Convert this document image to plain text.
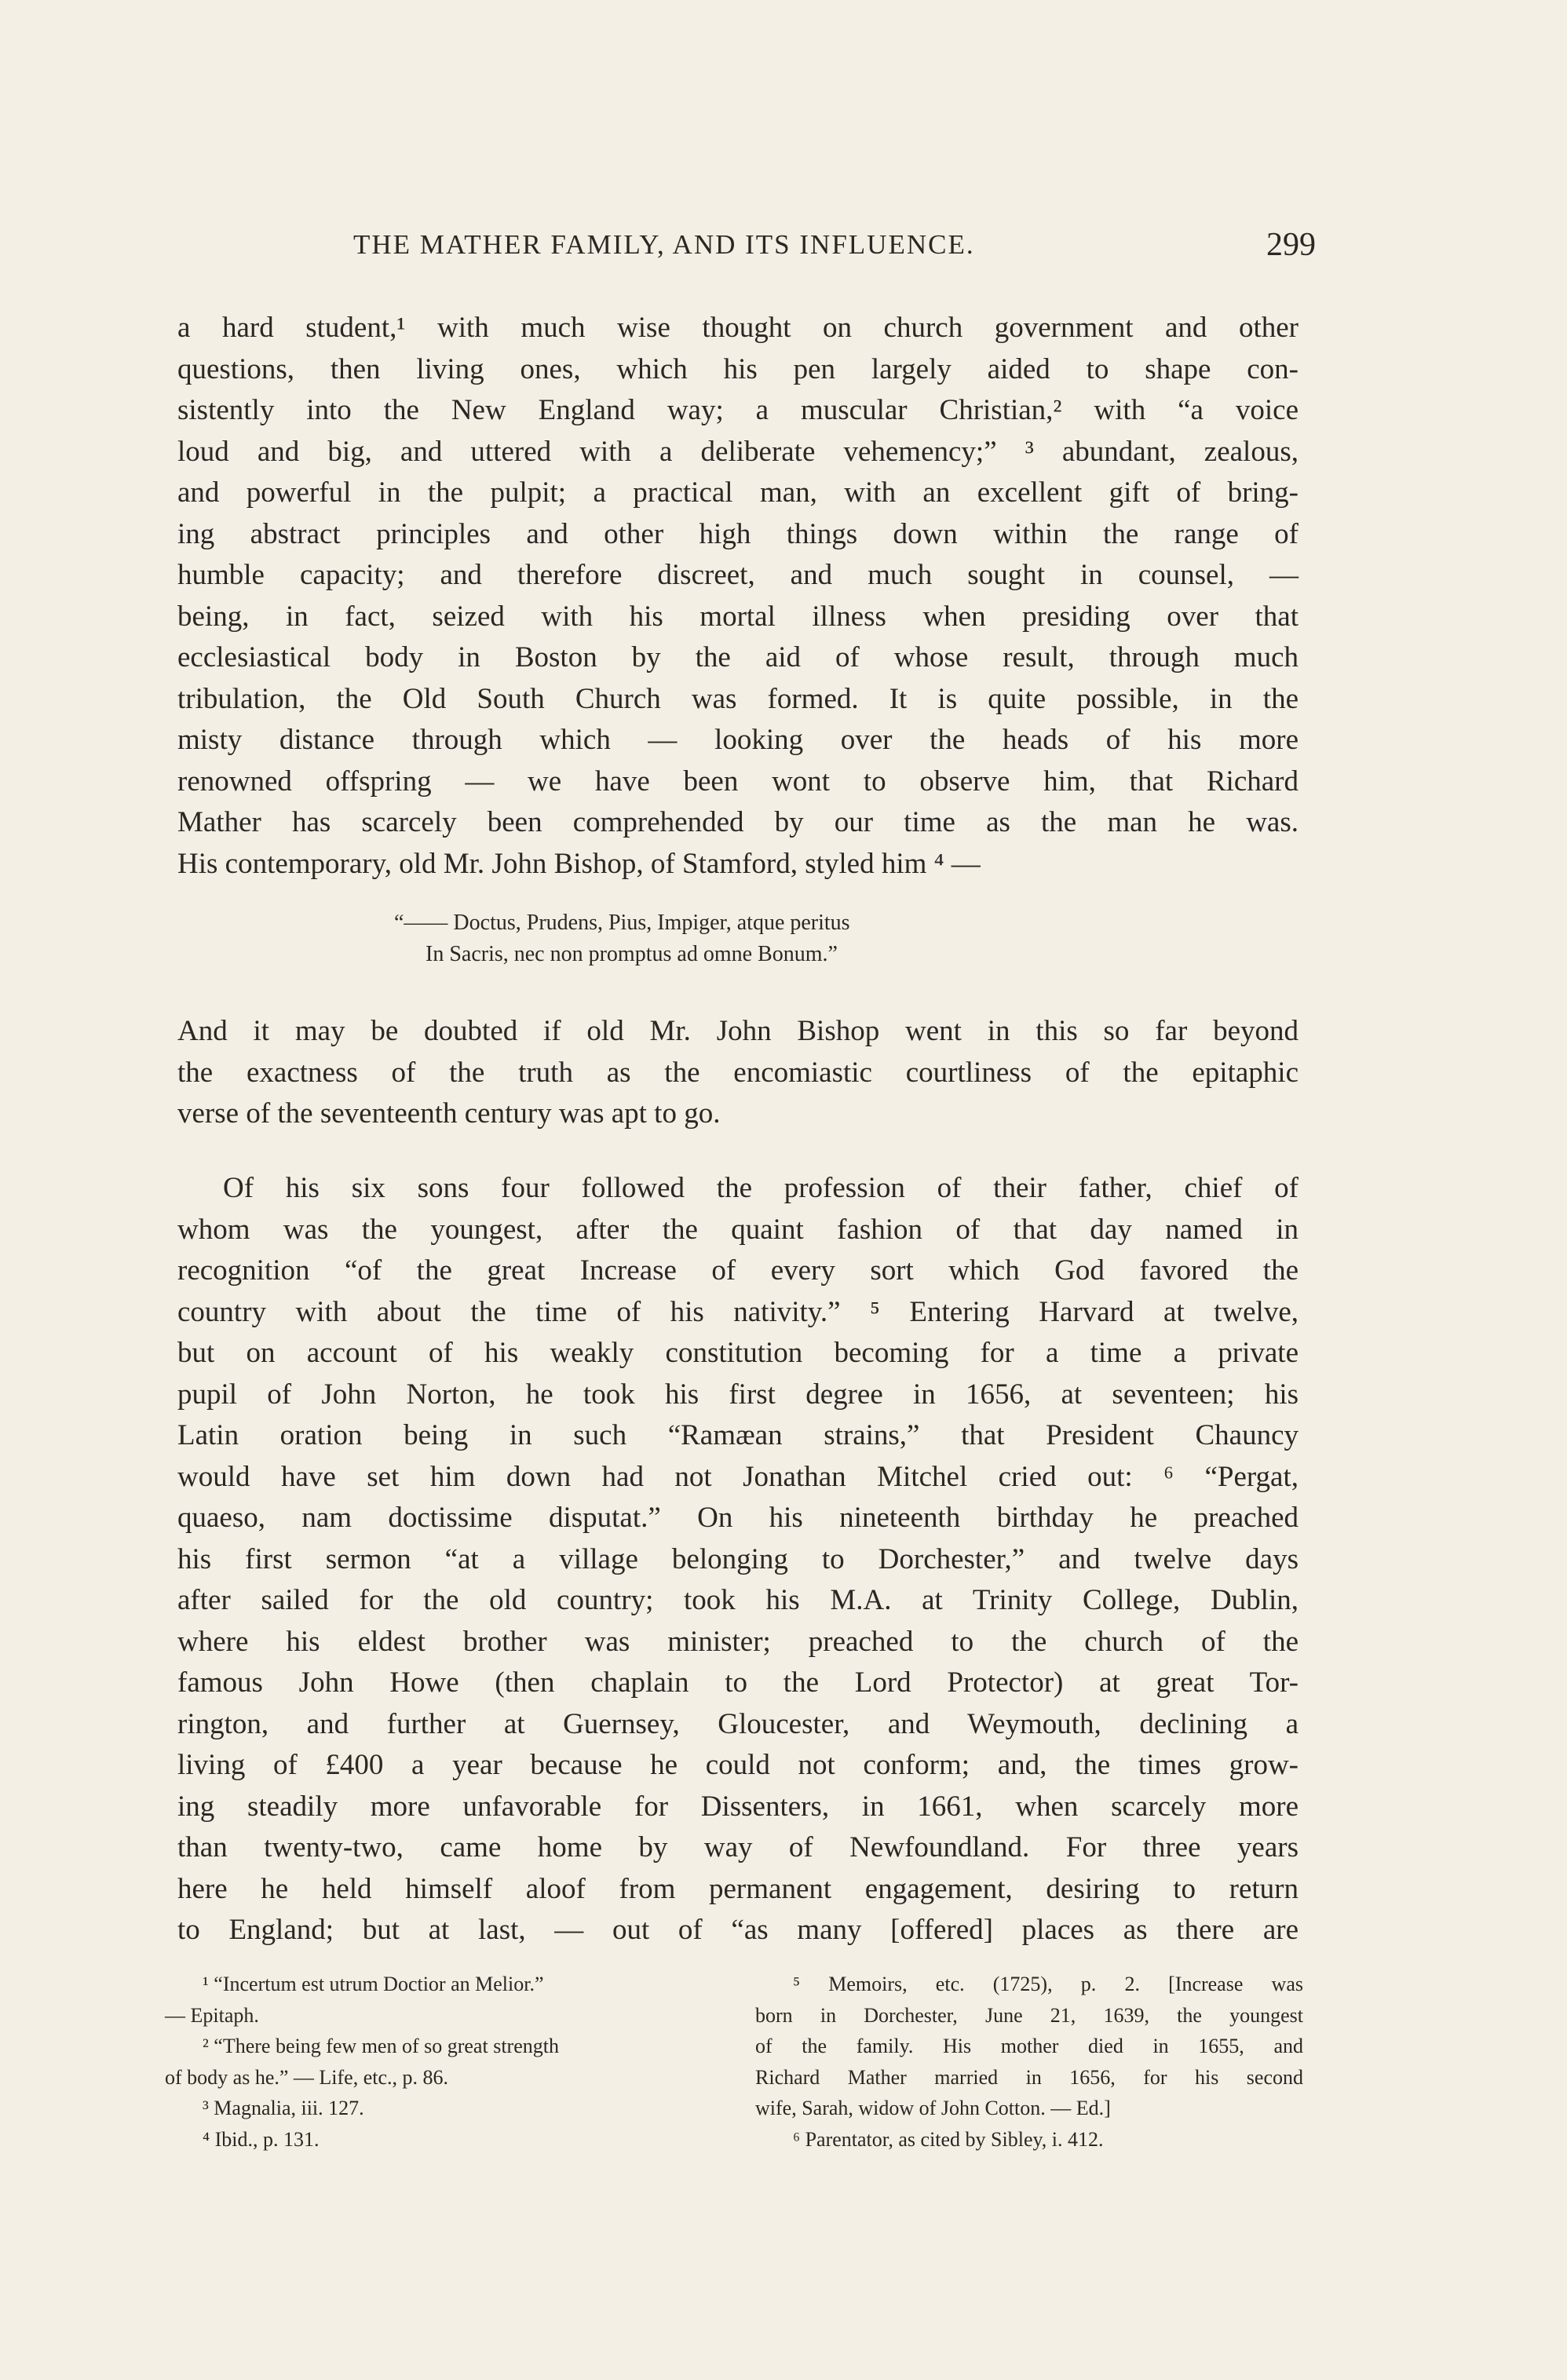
THE MATHER FAMILY, AND ITS INFLUENCE.	299
a hard student,¹ with much wise thought on church government and other
questions, then living ones, which his pen largely aided to shape con-
sistently into the New England way; a muscular Christian,² with “a voice
loud and big, and uttered with a deliberate vehemency;” ³ abundant, zealous,
and powerful in the pulpit; a practical man, with an excellent gift of bring-
ing abstract principles and other high things down within the range of
humble capacity; and therefore discreet, and much sought in counsel, —
being, in fact, seized with his mortal illness when presiding over that
ecclesiastical body in Boston by the aid of whose result, through much
tribulation, the Old South Church was formed. It is quite possible, in the
misty distance through which — looking over the heads of his more
renowned offspring — we have been wont to observe him, that Richard
Mather has scarcely been comprehended by our time as the man he was.
His contemporary, old Mr. John Bishop, of Stamford, styled him ⁴ —
“—— Doctus, Prudens, Pius, Impiger, atque peritus
In Sacris, nec non promptus ad omne Bonum.”
And it may be doubted if old Mr. John Bishop went in this so far beyond
the exactness of the truth as the encomiastic courtliness of the epitaphic
verse of the seventeenth century was apt to go.
Of his six sons four followed the profession of their father, chief of
whom was the youngest, after the quaint fashion of that day named in
recognition “of the great Increase of every sort which God favored the
country with about the time of his nativity.” ⁵ Entering Harvard at twelve,
but on account of his weakly constitution becoming for a time a private
pupil of John Norton, he took his first degree in 1656, at seventeen; his
Latin oration being in such “Ramæan strains,” that President Chauncy
would have set him down had not Jonathan Mitchel cried out: ⁶ “Pergat,
quaeso, nam doctissime disputat.” On his nineteenth birthday he preached
his first sermon “at a village belonging to Dorchester,” and twelve days
after sailed for the old country; took his M.A. at Trinity College, Dublin,
where his eldest brother was minister; preached to the church of the
famous John Howe (then chaplain to the Lord Protector) at great Tor-
rington, and further at Guernsey, Gloucester, and Weymouth, declining a
living of £400 a year because he could not conform; and, the times grow-
ing steadily more unfavorable for Dissenters, in 1661, when scarcely more
than twenty-two, came home by way of Newfoundland. For three years
here he held himself aloof from permanent engagement, desiring to return
to England; but at last, — out of “as many [offered] places as there are
¹ “Incertum est utrum Doctior an Melior.”
— Epitaph.
² “There being few men of so great strength
of body as he.” — Life, etc., p. 86.
³ Magnalia, iii. 127.
⁴ Ibid., p. 131.
⁵ Memoirs, etc. (1725), p. 2. [Increase was
born in Dorchester, June 21, 1639, the youngest
of the family. His mother died in 1655, and
Richard Mather married in 1656, for his second
wife, Sarah, widow of John Cotton. — Ed.]
⁶ Parentator, as cited by Sibley, i. 412.
